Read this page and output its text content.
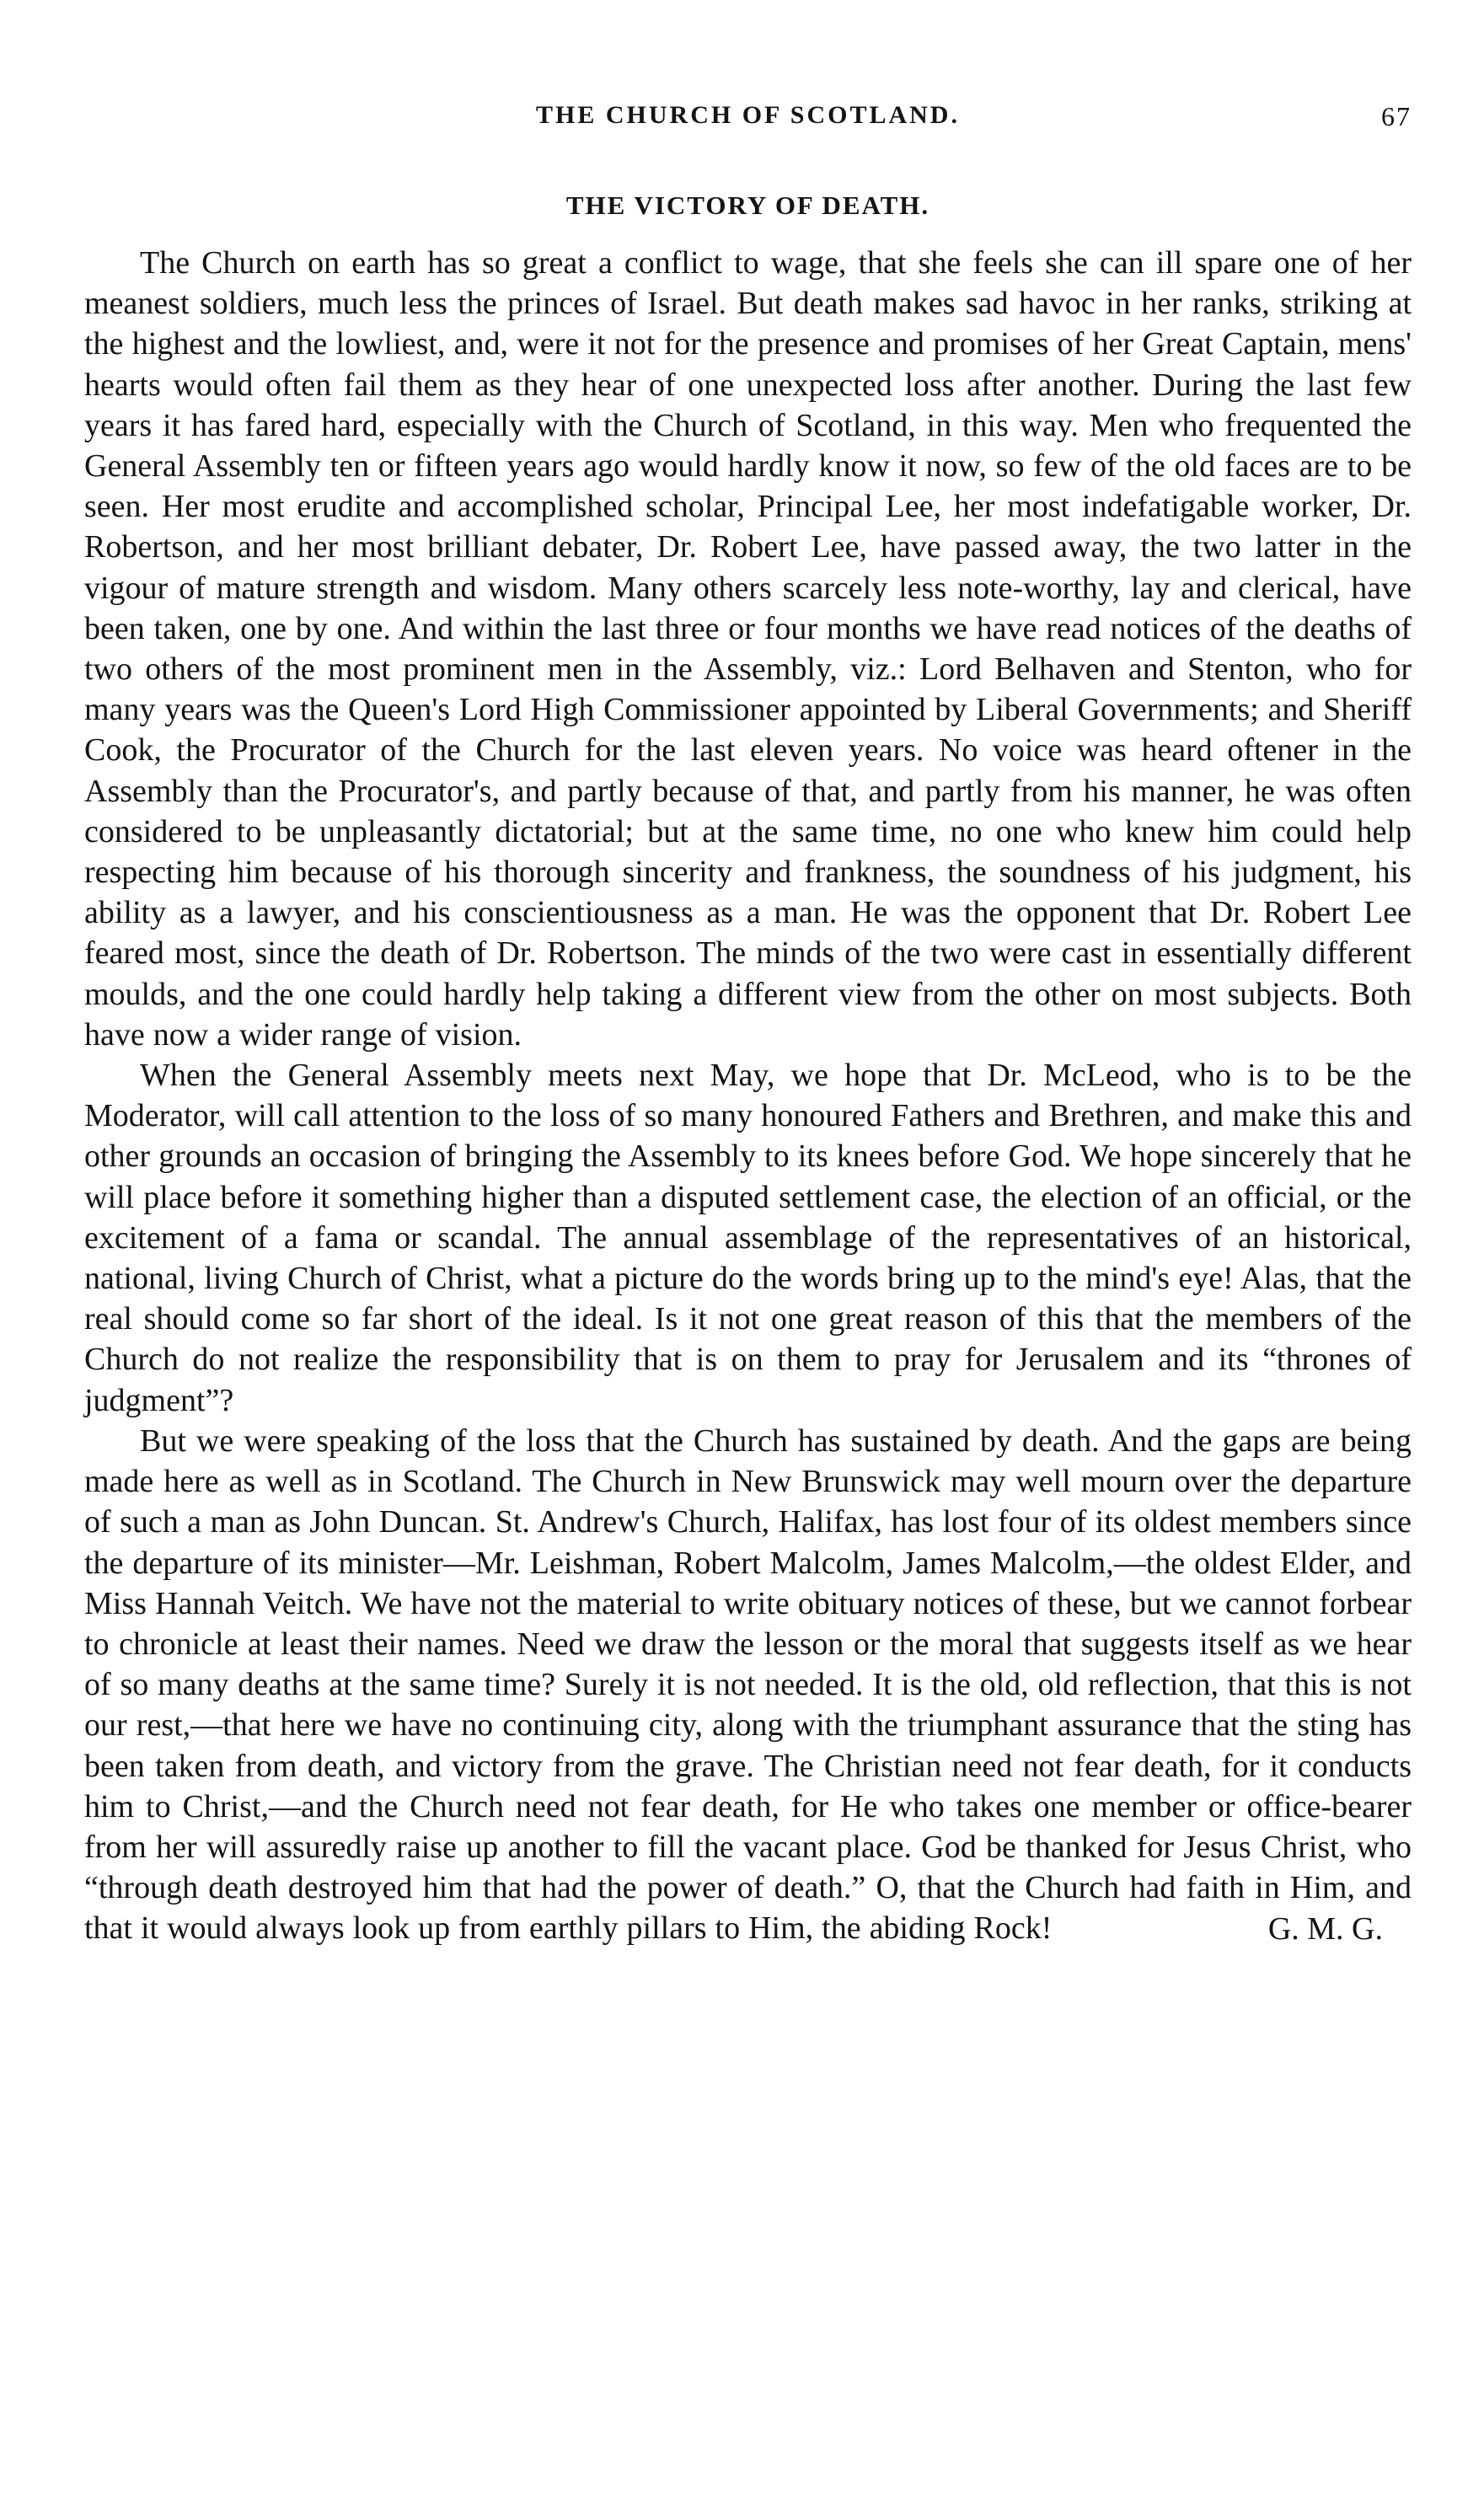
THE CHURCH OF SCOTLAND.	67
THE VICTORY OF DEATH.

The Church on earth has so great a conflict to wage, that she feels she can ill spare one of her meanest soldiers, much less the princes of Israel. But death makes sad havoc in her ranks, striking at the highest and the lowliest, and, were it not for the presence and promises of her Great Captain, mens' hearts would often fail them as they hear of one unexpected loss after another. During the last few years it has fared hard, especially with the Church of Scotland, in this way. Men who frequented the General Assembly ten or fifteen years ago would hardly know it now, so few of the old faces are to be seen. Her most erudite and accomplished scholar, Principal Lee, her most indefatigable worker, Dr. Robertson, and her most brilliant debater, Dr. Robert Lee, have passed away, the two latter in the vigour of mature strength and wisdom. Many others scarcely less note-worthy, lay and clerical, have been taken, one by one. And within the last three or four months we have read notices of the deaths of two others of the most prominent men in the Assembly, viz.: Lord Belhaven and Stenton, who for many years was the Queen's Lord High Commissioner appointed by Liberal Governments; and Sheriff Cook, the Procurator of the Church for the last eleven years. No voice was heard oftener in the Assembly than the Procurator's, and partly because of that, and partly from his manner, he was often considered to be unpleasantly dictatorial; but at the same time, no one who knew him could help respecting him because of his thorough sincerity and frankness, the soundness of his judgment, his ability as a lawyer, and his conscientiousness as a man. He was the opponent that Dr. Robert Lee feared most, since the death of Dr. Robertson. The minds of the two were cast in essentially different moulds, and the one could hardly help taking a different view from the other on most subjects. Both have now a wider range of vision.

When the General Assembly meets next May, we hope that Dr. McLeod, who is to be the Moderator, will call attention to the loss of so many honoured Fathers and Brethren, and make this and other grounds an occasion of bringing the Assembly to its knees before God. We hope sincerely that he will place before it something higher than a disputed settlement case, the election of an official, or the excitement of a fama or scandal. The annual assemblage of the representatives of an historical, national, living Church of Christ, what a picture do the words bring up to the mind's eye! Alas, that the real should come so far short of the ideal. Is it not one great reason of this that the members of the Church do not realize the responsibility that is on them to pray for Jerusalem and its “thrones of judgment”?

But we were speaking of the loss that the Church has sustained by death. And the gaps are being made here as well as in Scotland. The Church in New Brunswick may well mourn over the departure of such a man as John Duncan. St. Andrew's Church, Halifax, has lost four of its oldest members since the departure of its minister—Mr. Leishman, Robert Malcolm, James Malcolm,—the oldest Elder, and Miss Hannah Veitch. We have not the material to write obituary notices of these, but we cannot forbear to chronicle at least their names. Need we draw the lesson or the moral that suggests itself as we hear of so many deaths at the same time? Surely it is not needed. It is the old, old reflection, that this is not our rest,—that here we have no continuing city, along with the triumphant assurance that the sting has been taken from death, and victory from the grave. The Christian need not fear death, for it conducts him to Christ,—and the Church need not fear death, for He who takes one member or office-bearer from her will assuredly raise up another to fill the vacant place. God be thanked for Jesus Christ, who “through death destroyed him that had the power of death.” O, that the Church had faith in Him, and that it would always look up from earthly pillars to Him, the abiding Rock!	G. M. G.
